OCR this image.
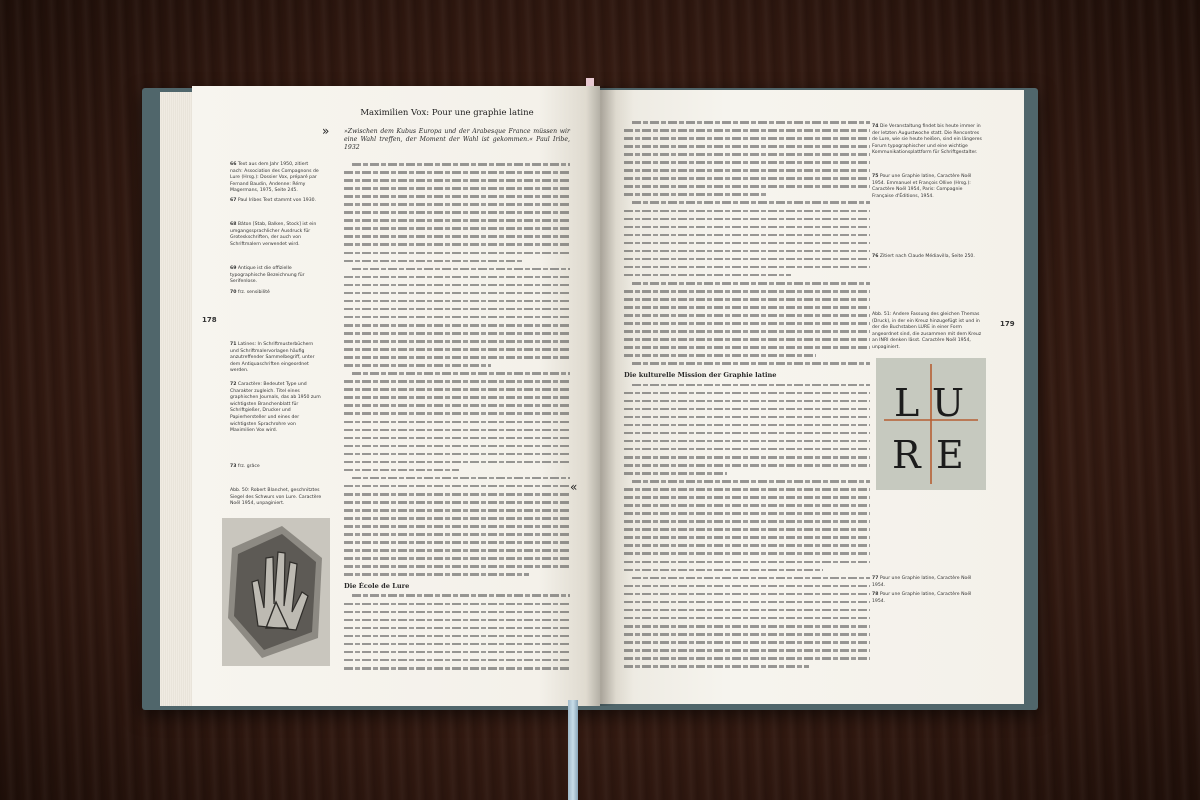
Maximilien Vox: Pour une graphie latine
» »Zwischen dem Kubus Europa und der Arabesque France müssen wir eine Wahl treffen, der Moment der Wahl ist gekommen.« Paul Iribe, 1932
66 Text aus dem Jahr 1950, zitiert nach: Association des Compagnons de Lure (Hrsg.): Dossier Vox, préparé par Fernand Baudin, Andenne: Rémy Magermans, 1975, Seite 245.
67 Paul Iribes Text stammt von 1930.
68 Bâton [Stab, Balken, Stock] ist ein umgangssprachlicher Ausdruck für Groteskschriften, der auch von Schriftmalern verwendet wird.
69 Antique ist die offizielle typographische Bezeichnung für Serifenlose.
70 frz. sensibilité
178
71 Latines: In Schriftmusterbüchern und Schriftmalervorlagen häufig anzutreffender Sammelbegriff, unter dem Antiquaschriften eingeordnet werden.
72 Caractère: Bedeutet Type und Charakter zugleich. Titel eines graphischen Journals, das ab 1950 zum wichtigsten Branchenblatt für Schriftgießer, Drucker und Papierhersteller und eines der wichtigsten Sprachrohre von Maximilien Vox wird.
73 frz. grâce
Abb. 50: Robert Blanchet, geschnitztes Siegel des Schwurs von Lure. Caractère Noël 1954, unpaginiert.
Die École de Lure
«
Die kulturelle Mission der Graphie latine
74 Die Veranstaltung findet bis heute immer in der letzten Augustwoche statt. Die Rencontres de Lure, wie sie heute heißen, sind ein längeres Forum typographischer und eine wichtige Kommunikationsplattform für Schriftgestalter.
75 Pour une Graphie latine, Caractère Noël 1954. Emmanuel et François Ollive (Hrsg.): Caractère Noël 1954, Paris: Compagnie Française d'Éditions, 1954.
76 Zitiert nach Claude Médiavilla, Seite 250.
179
Abb. 51: Andere Fassung des gleichen Themas (Druck), in der ein Kreuz hinzugefügt ist und in der die Buchstaben LURE in einer Form angeordnet sind, die zusammen mit dem Kreuz an INRI denken lässt. Caractère Noël 1954, unpaginiert.
L U
R E
77 Pour une Graphie latine, Caractère Noël 1954.
78 Pour une Graphie latine, Caractère Noël 1954.
